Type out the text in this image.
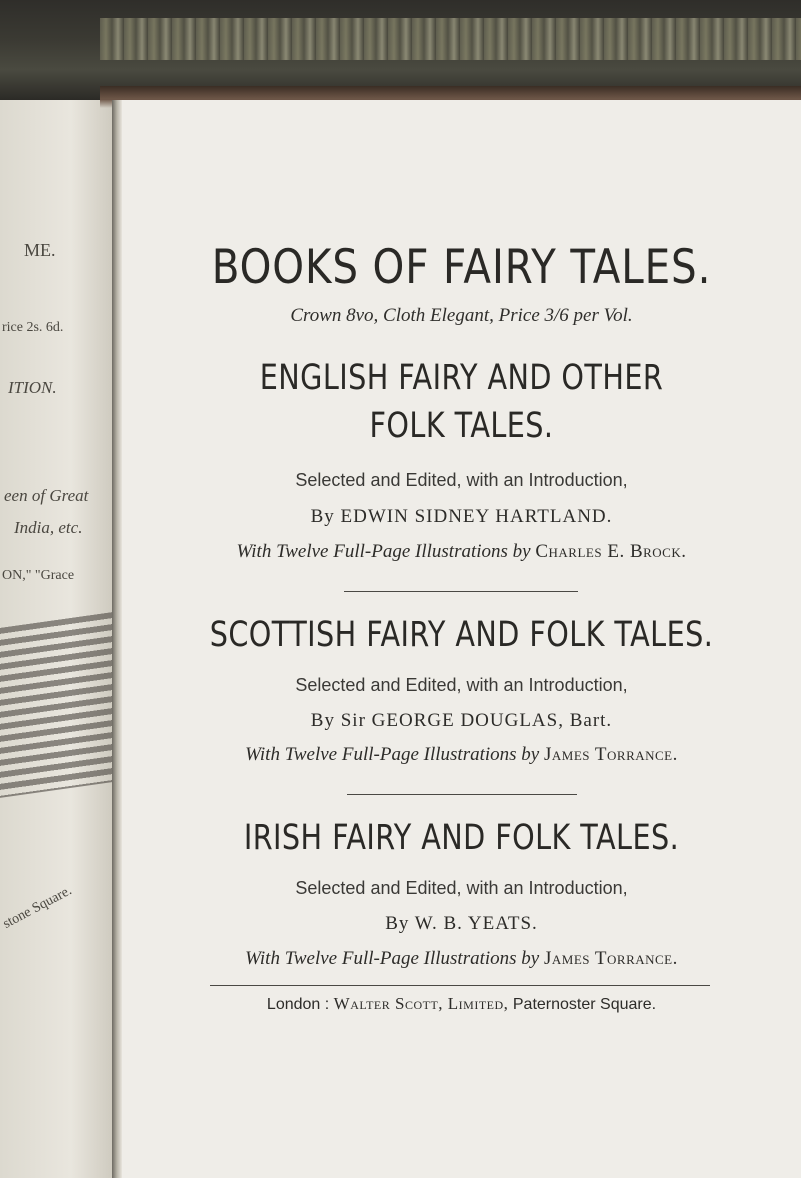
ME.
rice 2s. 6d.
ITION.
een of Great
India, etc.
ON," "Grace
stone Square.
BOOKS OF FAIRY TALES.
Crown 8vo, Cloth Elegant, Price 3/6 per Vol.
ENGLISH FAIRY AND OTHER
FOLK TALES.
Selected and Edited, with an Introduction,
By EDWIN SIDNEY HARTLAND.
With Twelve Full-Page Illustrations by Charles E. Brock.
SCOTTISH FAIRY AND FOLK TALES.
Selected and Edited, with an Introduction,
By Sir GEORGE DOUGLAS, Bart.
With Twelve Full-Page Illustrations by James Torrance.
IRISH FAIRY AND FOLK TALES.
Selected and Edited, with an Introduction,
By W. B. YEATS.
With Twelve Full-Page Illustrations by James Torrance.
London : Walter Scott, Limited, Paternoster Square.
